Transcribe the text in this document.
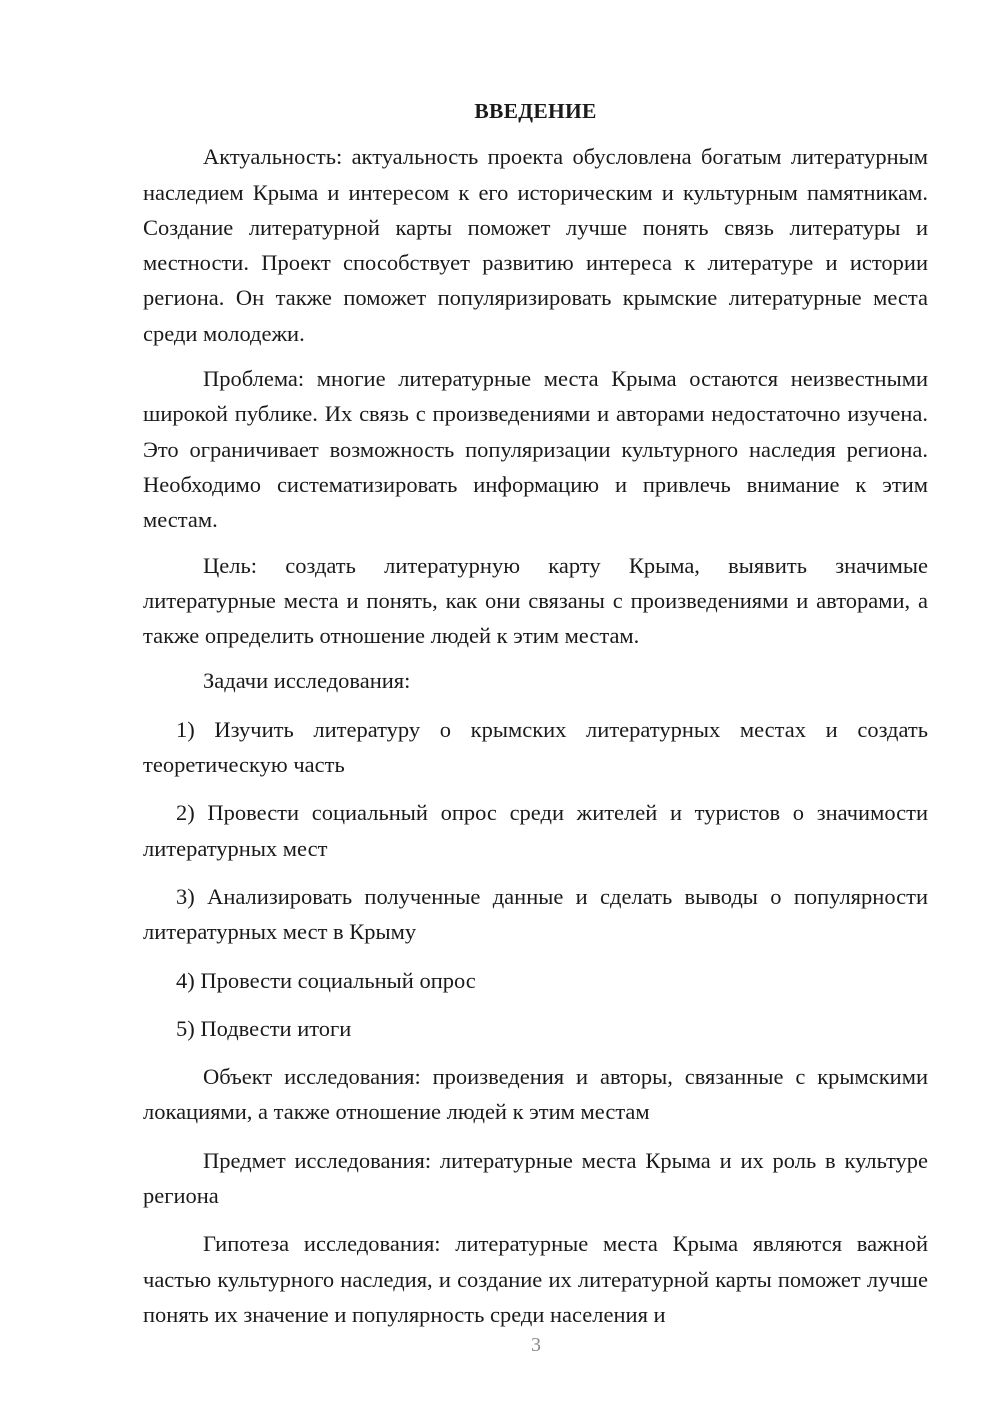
ВВЕДЕНИЕ

Актуальность: актуальность проекта обусловлена богатым литературным наследием Крыма и интересом к его историческим и культурным памятникам. Создание литературной карты поможет лучше понять связь литературы и местности. Проект способствует развитию интереса к литературе и истории региона. Он также поможет популяризировать крымские литературные места среди молодежи.

Проблема: многие литературные места Крыма остаются неизвестными широкой публике. Их связь с произведениями и авторами недостаточно изучена. Это ограничивает возможность популяризации культурного наследия региона. Необходимо систематизировать информацию и привлечь внимание к этим местам.

Цель: создать литературную карту Крыма, выявить значимые литературные места и понять, как они связаны с произведениями и авторами, а также определить отношение людей к этим местам.

Задачи исследования:

1) Изучить литературу о крымских литературных местах и создать теоретическую часть

2) Провести социальный опрос среди жителей и туристов о значимости литературных мест

3) Анализировать полученные данные и сделать выводы о популярности литературных мест в Крыму

4) Провести социальный опрос

5) Подвести итоги

Объект исследования: произведения и авторы, связанные с крымскими локациями, а также отношение людей к этим местам

Предмет исследования: литературные места Крыма и их роль в культуре региона

Гипотеза исследования: литературные места Крыма являются важной частью культурного наследия, и создание их литературной карты поможет лучше понять их значение и популярность среди населения и

3
